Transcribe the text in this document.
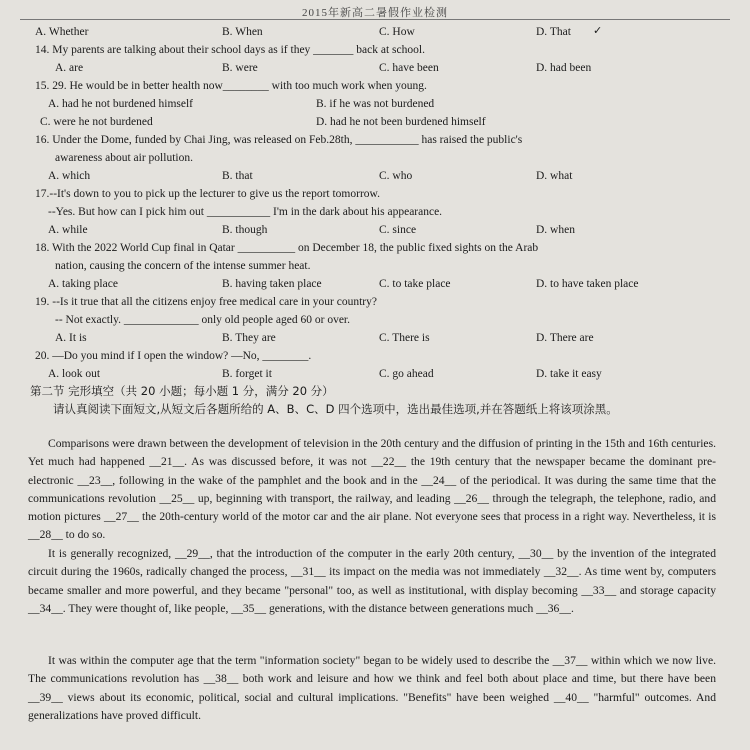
2015年新高二暑假作业检测
A. Whether	B. When	C. How	D. That ✓
14. My parents are talking about their school days as if they _______ back at school.
A. are	B. were	C. have been	D. had been
15. 29. He would be in better health now________ with too much work when young.
A. had he not burdened himself	B. if he was not burdened
C. were he not burdened	D. had he not been burdened himself
16. Under the Dome, funded by Chai Jing, was released on Feb.28th, ___________ has raised the public's
awareness about air pollution.
A. which	B. that	C. who	D. what
17.--It's down to you to pick up the lecturer to give us the report tomorrow.
--Yes. But how can I pick him out ___________ I'm in the dark about his appearance.
A. while	B. though	C. since	D. when
18. With the 2022 World Cup final in Qatar __________ on December 18, the public fixed sights on the Arab
nation, causing the concern of the intense summer heat.
A. taking place	B. having taken place	C. to take place	D. to have taken place
19. --Is it true that all the citizens enjoy free medical care in your country?
-- Not exactly. _____________ only old people aged 60 or over.
A. It is	B. They are	C. There is	D. There are
20. —Do you mind if I open the window? —No, ________.
A. look out	B. forget it	C. go ahead	D. take it easy
第二节 完形填空（共 20 小题；每小题 1 分，满分 20 分）
请认真阅读下面短文,从短文后各题所给的 A、B、C、D 四个选项中，选出最佳选项,并在答题纸上将该项涂黑。
Comparisons were drawn between the development of television in the 20th century and the diffusion of printing in the 15th and 16th centuries. Yet much had happened __21__. As was discussed before, it was not __22__ the 19th century that the newspaper became the dominant pre-electronic __23__, following in the wake of the pamphlet and the book and in the __24__ of the periodical. It was during the same time that the communications revolution __25__ up, beginning with transport, the railway, and leading __26__ through the telegraph, the telephone, radio, and motion pictures __27__ the 20th-century world of the motor car and the air plane. Not everyone sees that process in a right way. Nevertheless, it is __28__ to do so.
It is generally recognized, __29__, that the introduction of the computer in the early 20th century, __30__ by the invention of the integrated circuit during the 1960s, radically changed the process, __31__ its impact on the media was not immediately __32__. As time went by, computers became smaller and more powerful, and they became "personal" too, as well as institutional, with display becoming __33__ and storage capacity __34__. They were thought of, like people, __35__ generations, with the distance between generations much __36__.
It was within the computer age that the term "information society" began to be widely used to describe the __37__ within which we now live. The communications revolution has __38__ both work and leisure and how we think and feel both about place and time, but there have been __39__ views about its economic, political, social and cultural implications. "Benefits" have been weighed __40__ "harmful" outcomes. And generalizations have proved difficult.
